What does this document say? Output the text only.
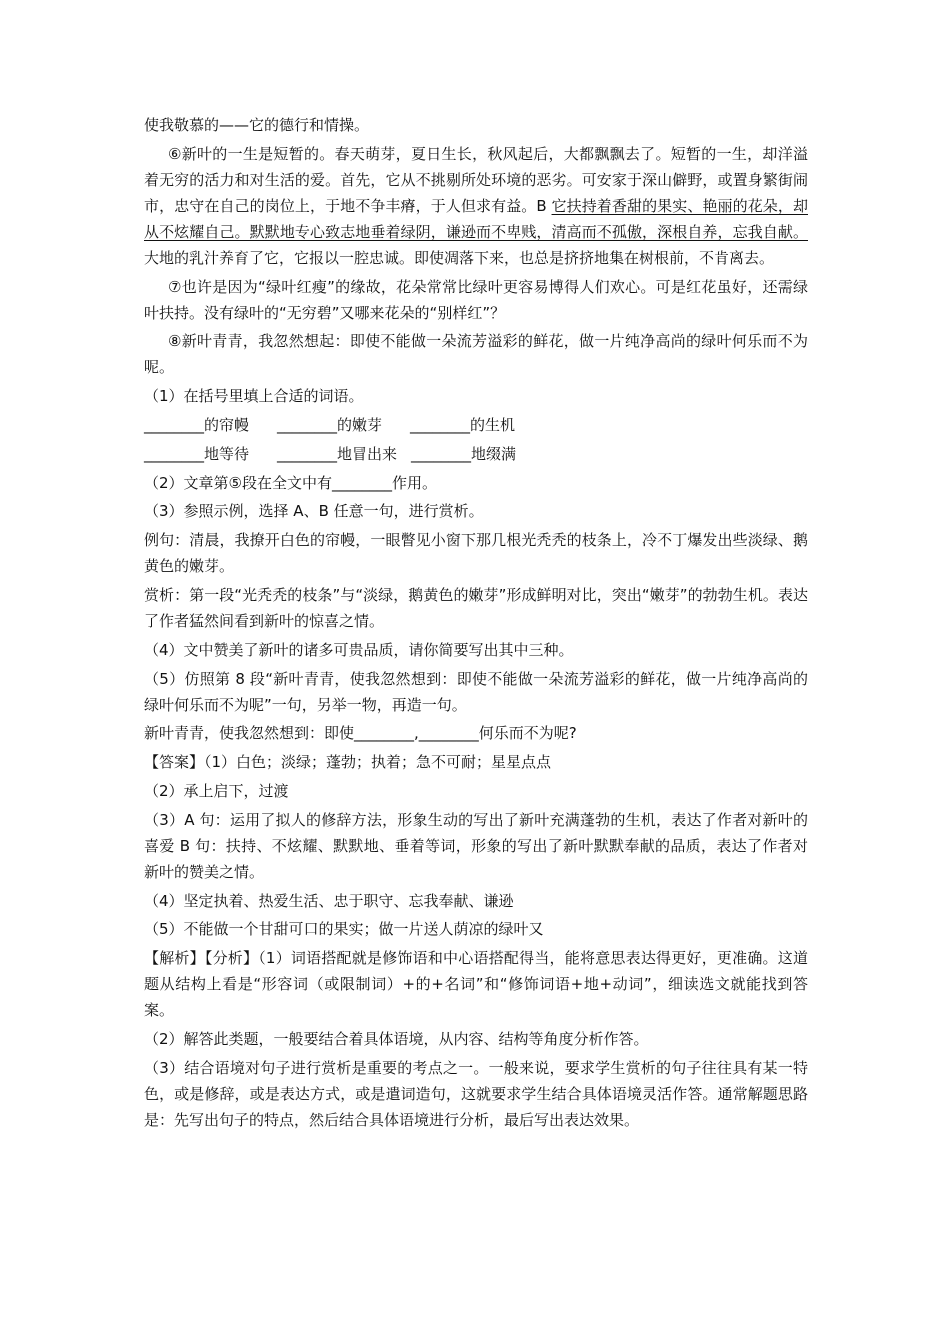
使我敬慕的——它的德行和情操。

⑥新叶的一生是短暂的。春天萌芽，夏日生长，秋风起后，大都飘飘去了。短暂的一生，却洋溢着无穷的活力和对生活的爱。首先，它从不挑剔所处环境的恶劣。可安家于深山僻野，或置身繁街闹市，忠守在自己的岗位上，于地不争丰瘠，于人但求有益。B 它扶持着香甜的果实、艳丽的花朵，却从不炫耀自己。默默地专心致志地垂着绿阴，谦逊而不卑贱，清高而不孤傲，深根自养，忘我自献。大地的乳汁养育了它，它报以一腔忠诚。即使凋落下来，也总是挤挤地集在树根前，不肯离去。

⑦也许是因为“绿叶红瘦”的缘故，花朵常常比绿叶更容易博得人们欢心。可是红花虽好，还需绿叶扶持。没有绿叶的“无穷碧”又哪来花朵的“别样红”？

⑧新叶青青，我忽然想起：即使不能做一朵流芳溢彩的鲜花，做一片纯净高尚的绿叶何乐而不为呢。

（1）在括号里填上合适的词语。

________的帘幔 ________的嫩芽 ________的生机

________地等待 ________地冒出来 ________地缀满

（2）文章第⑤段在全文中有________作用。

（3）参照示例，选择 A、B 任意一句，进行赏析。

例句：清晨，我撩开白色的帘幔，一眼瞥见小窗下那几根光秃秃的枝条上，冷不丁爆发出些淡绿、鹅黄色的嫩芽。

赏析：第一段“光秃秃的枝条”与“淡绿，鹅黄色的嫩芽”形成鲜明对比，突出“嫩芽”的勃勃生机。表达了作者猛然间看到新叶的惊喜之情。

（4）文中赞美了新叶的诸多可贵品质，请你简要写出其中三种。

（5）仿照第 8 段“新叶青青，使我忽然想到：即使不能做一朵流芳溢彩的鲜花，做一片纯净高尚的绿叶何乐而不为呢”一句，另举一物，再造一句。

新叶青青，使我忽然想到：即使________,________何乐而不为呢?

【答案】（1）白色；淡绿；蓬勃；执着；急不可耐；星星点点

（2）承上启下，过渡

（3）A 句：运用了拟人的修辞方法，形象生动的写出了新叶充满蓬勃的生机，表达了作者对新叶的喜爱 B 句：扶持、不炫耀、默默地、垂着等词，形象的写出了新叶默默奉献的品质，表达了作者对新叶的赞美之情。

（4）坚定执着、热爱生活、忠于职守、忘我奉献、谦逊

（5）不能做一个甘甜可口的果实；做一片送人荫凉的绿叶又

【解析】【分析】（1）词语搭配就是修饰语和中心语搭配得当，能将意思表达得更好，更准确。这道题从结构上看是“形容词（或限制词）+的+名词”和“修饰词语+地+动词”，细读选文就能找到答案。

（2）解答此类题，一般要结合着具体语境，从内容、结构等角度分析作答。

（3）结合语境对句子进行赏析是重要的考点之一。一般来说，要求学生赏析的句子往往具有某一特色，或是修辞，或是表达方式，或是遣词造句，这就要求学生结合具体语境灵活作答。通常解题思路是：先写出句子的特点，然后结合具体语境进行分析，最后写出表达效果。
